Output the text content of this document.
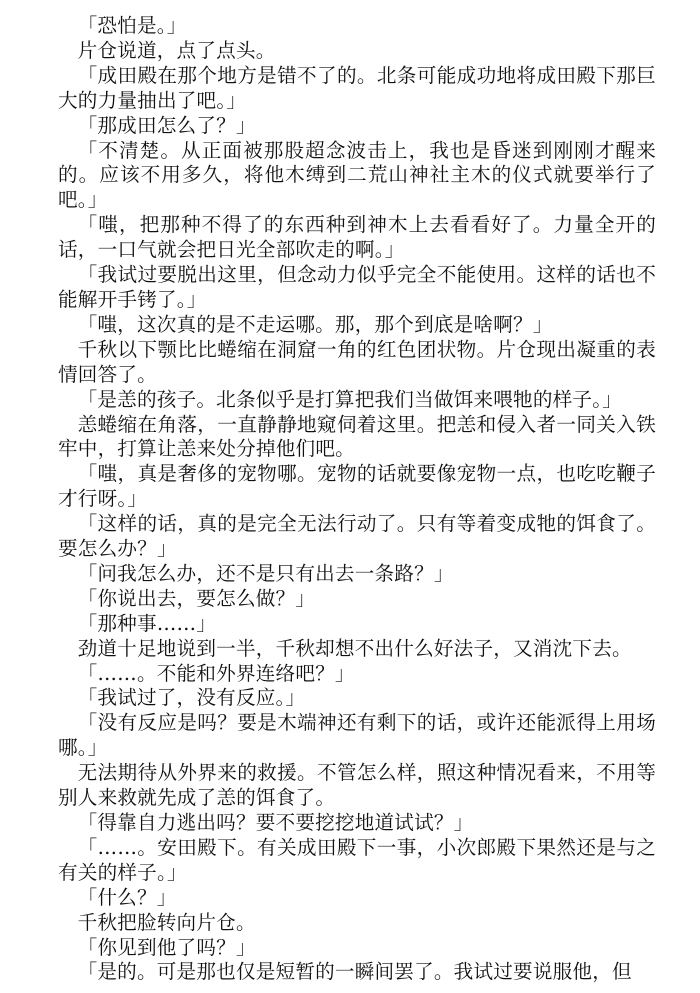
「恐怕是。」

片仓说道，点了点头。

「成田殿在那个地方是错不了的。北条可能成功地将成田殿下那巨大的力量抽出了吧。」

「那成田怎么了？」

「不清楚。从正面被那股超念波击上，我也是昏迷到刚刚才醒来的。应该不用多久，将他木缚到二荒山神社主木的仪式就要举行了吧。」

「嗤，把那种不得了的东西种到神木上去看看好了。力量全开的话，一口气就会把日光全部吹走的啊。」

「我试过要脱出这里，但念动力似乎完全不能使用。这样的话也不能解开手铐了。」

「嗤，这次真的是不走运哪。那，那个到底是啥啊？」

千秋以下颚比比蜷缩在洞窟一角的红色团状物。片仓现出凝重的表情回答了。

「是恙的孩子。北条似乎是打算把我们当做饵来喂牠的样子。」

恙蜷缩在角落，一直静静地窥伺着这里。把恙和侵入者一同关入铁牢中，打算让恙来处分掉他们吧。

「嗤，真是奢侈的宠物哪。宠物的话就要像宠物一点，也吃吃鞭子才行呀。」

「这样的话，真的是完全无法行动了。只有等着变成牠的饵食了。要怎么办？」

「问我怎么办，还不是只有出去一条路？」

「你说出去，要怎么做？」

「那种事……」

劲道十足地说到一半，千秋却想不出什么好法子，又消沈下去。

「……。不能和外界连络吧？」

「我试过了，没有反应。」

「没有反应是吗？要是木端神还有剩下的话，或许还能派得上用场哪。」

无法期待从外界来的救援。不管怎么样，照这种情况看来，不用等别人来救就先成了恙的饵食了。

「得靠自力逃出吗？要不要挖挖地道试试？」

「……。安田殿下。有关成田殿下一事，小次郎殿下果然还是与之有关的样子。」

「什么？」

千秋把脸转向片仓。

「你见到他了吗？」

「是的。可是那也仅是短暂的一瞬间罢了。我试过要说服他，但
